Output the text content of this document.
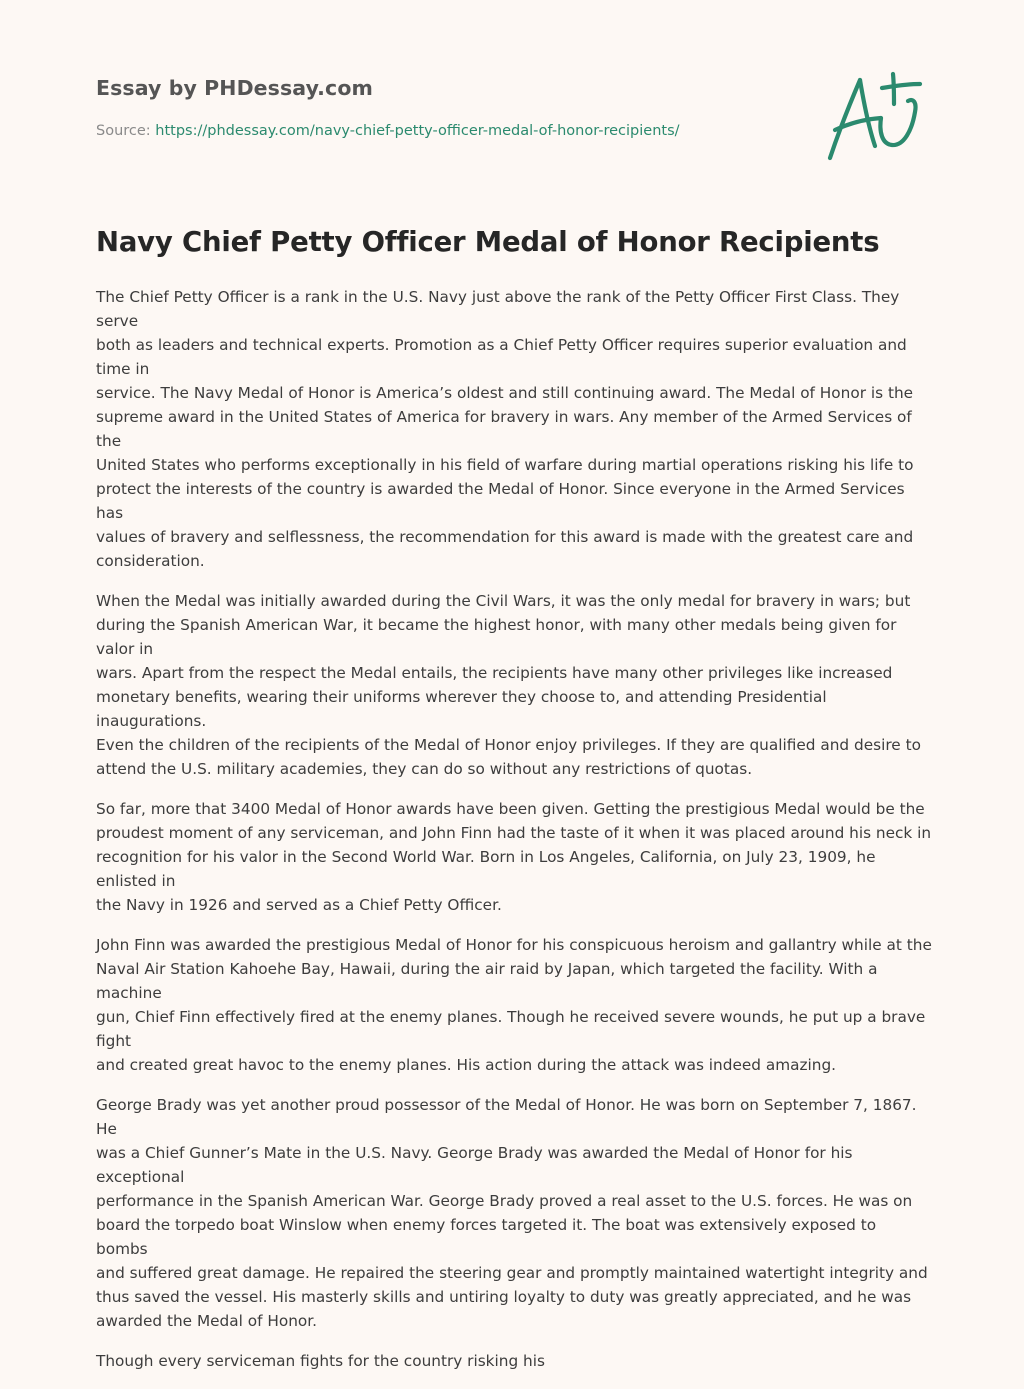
Essay by PHDessay.com
Source: https://phdessay.com/navy-chief-petty-officer-medal-of-honor-recipients/
Navy Chief Petty Officer Medal of Honor Recipients

The Chief Petty Officer is a rank in the U.S. Navy just above the rank of the Petty Officer First Class. They serve
both as leaders and technical experts. Promotion as a Chief Petty Officer requires superior evaluation and time in
service. The Navy Medal of Honor is America’s oldest and still continuing award. The Medal of Honor is the
supreme award in the United States of America for bravery in wars. Any member of the Armed Services of the
United States who performs exceptionally in his field of warfare during martial operations risking his life to
protect the interests of the country is awarded the Medal of Honor. Since everyone in the Armed Services has
values of bravery and selflessness, the recommendation for this award is made with the greatest care and
consideration.

When the Medal was initially awarded during the Civil Wars, it was the only medal for bravery in wars; but
during the Spanish American War, it became the highest honor, with many other medals being given for valor in
wars. Apart from the respect the Medal entails, the recipients have many other privileges like increased
monetary benefits, wearing their uniforms wherever they choose to, and attending Presidential inaugurations.
Even the children of the recipients of the Medal of Honor enjoy privileges. If they are qualified and desire to
attend the U.S. military academies, they can do so without any restrictions of quotas.

So far, more that 3400 Medal of Honor awards have been given. Getting the prestigious Medal would be the
proudest moment of any serviceman, and John Finn had the taste of it when it was placed around his neck in
recognition for his valor in the Second World War. Born in Los Angeles, California, on July 23, 1909, he enlisted in
the Navy in 1926 and served as a Chief Petty Officer.

John Finn was awarded the prestigious Medal of Honor for his conspicuous heroism and gallantry while at the
Naval Air Station Kahoehe Bay, Hawaii, during the air raid by Japan, which targeted the facility. With a machine
gun, Chief Finn effectively fired at the enemy planes. Though he received severe wounds, he put up a brave fight
and created great havoc to the enemy planes. His action during the attack was indeed amazing.

George Brady was yet another proud possessor of the Medal of Honor. He was born on September 7, 1867. He
was a Chief Gunner’s Mate in the U.S. Navy. George Brady was awarded the Medal of Honor for his exceptional
performance in the Spanish American War. George Brady proved a real asset to the U.S. forces. He was on
board the torpedo boat Winslow when enemy forces targeted it. The boat was extensively exposed to bombs
and suffered great damage. He repaired the steering gear and promptly maintained watertight integrity and
thus saved the vessel. His masterly skills and untiring loyalty to duty was greatly appreciated, and he was
awarded the Medal of Honor.

Though every serviceman fights for the country risking his
